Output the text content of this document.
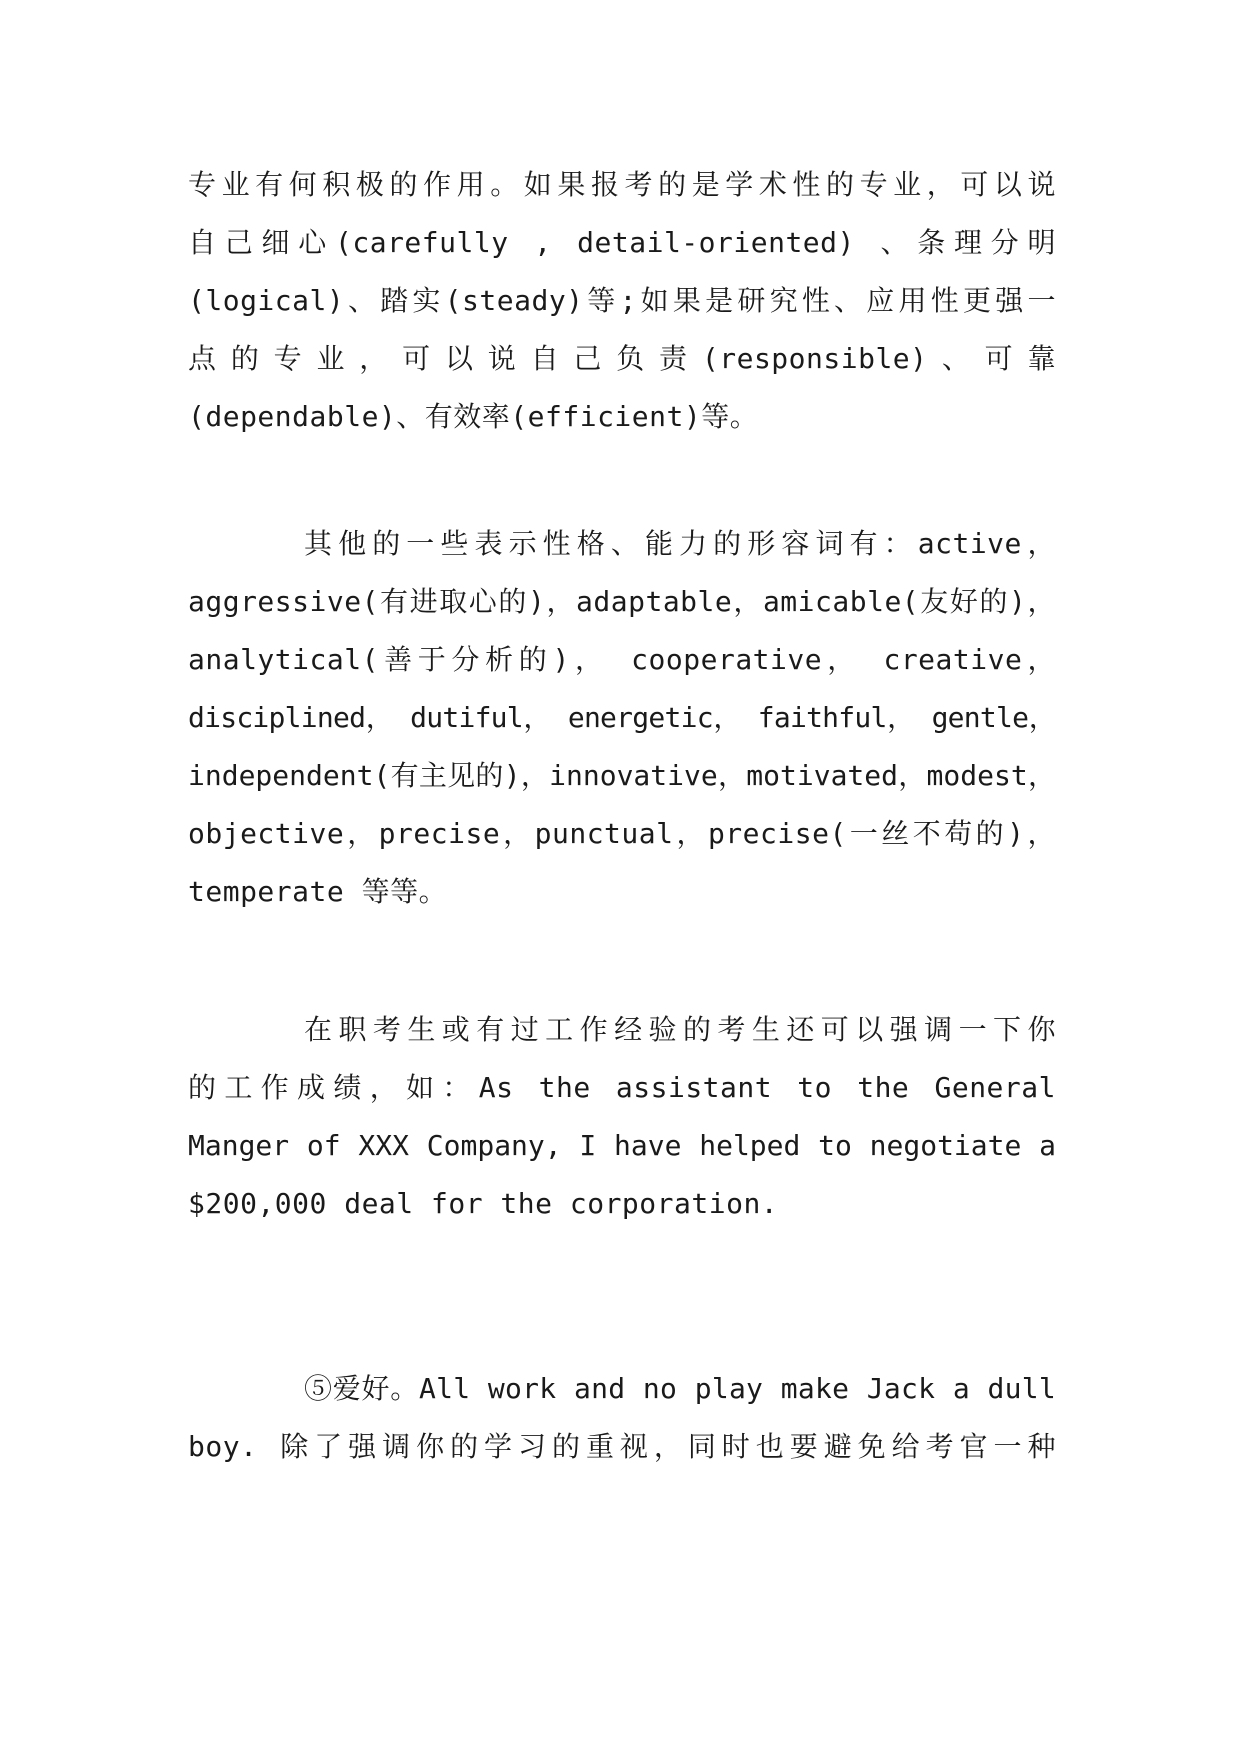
专业有何积极的作用。如果报考的是学术性的专业，可以说
自己细心(carefully , detail-oriented) 、条理分明
(logical)、踏实(steady)等;如果是研究性、应用性更强一
点的专业，可以说自己负责(responsible)、可靠
(dependable)、有效率(efficient)等。
其他的一些表示性格、能力的形容词有：active，
aggressive(有进取心的)，adaptable，amicable(友好的)，
analytical(善于分析的)， cooperative， creative，
disciplined， dutiful， energetic， faithful， gentle，
independent(有主见的)，innovative，motivated，modest，
objective，precise，punctual，precise(一丝不苟的)，
temperate 等等。
在职考生或有过工作经验的考生还可以强调一下你
的工作成绩，如：As the assistant to the General
Manger of XXX Company, I have helped to negotiate a
$200,000 deal for the corporation.
⑤爱好。All work and no play make Jack a dull
boy. 除了强调你的学习的重视，同时也要避免给考官一种
